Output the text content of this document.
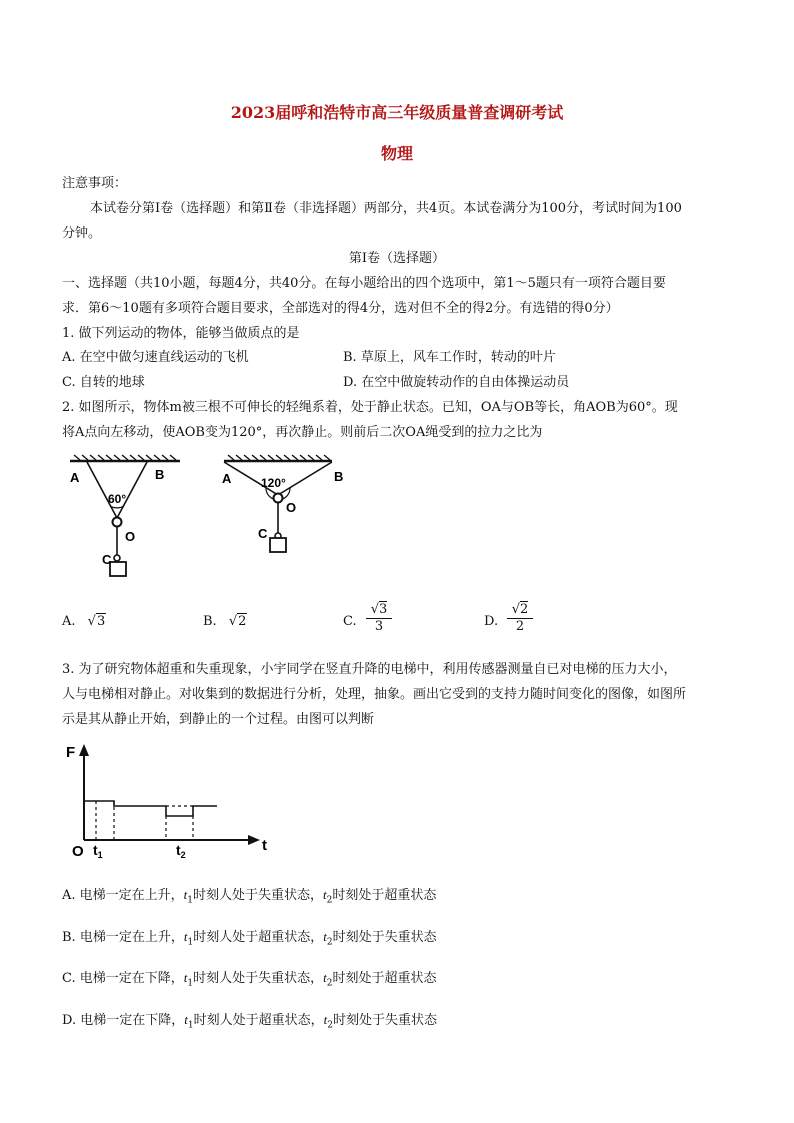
2023届呼和浩特市高三年级质量普查调研考试
物理
注意事项：
本试卷分第Ⅰ卷（选择题）和第Ⅱ卷（非选择题）两部分，共4页。本试卷满分为100分，考试时间为100
分钟。
第Ⅰ卷（选择题）
一、选择题（共10小题，每题4分，共40分。在每小题给出的四个选项中，第1～5题只有一项符合题目要
求．第6～10题有多项符合题目要求，全部选对的得4分，选对但不全的得2分。有选错的得0分）
1. 做下列运动的物体，能够当做质点的是
A. 在空中做匀速直线运动的飞机	B. 草原上，风车工作时，转动的叶片
C. 自转的地球	D. 在空中做旋转动作的自由体操运动员
2. 如图所示，物体m被三根不可伸长的轻绳系着，处于静止状态。已知，OA与OB等长，角AOB为60°。现
将A点向左移动，使AOB变为120°，再次静止。则前后二次OA绳受到的拉力之比为
A	B
60°
O
C
A	B
120°
O
C
A. √3	B. √2	C. $\frac{√3}{3}$	D. $\frac{√2}{2}$
3. 为了研究物体超重和失重现象，小宇同学在竖直升降的电梯中，利用传感器测量自已对电梯的压力大小，
人与电梯相对静止。对收集到的数据进行分析，处理，抽象。画出它受到的支持力随时间变化的图像，如图所
示是其从静止开始，到静止的一个过程。由图可以判断
F
t
O $t_1$	$t_2$
A. 电梯一定在上升，$t_1$时刻人处于失重状态，$t_2$时刻处于超重状态
B. 电梯一定在上升，$t_1$时刻人处于超重状态，$t_2$时刻处于失重状态
C. 电梯一定在下降，$t_1$时刻人处于失重状态，$t_2$时刻处于超重状态
D. 电梯一定在下降，$t_1$时刻人处于超重状态，$t_2$时刻处于失重状态
